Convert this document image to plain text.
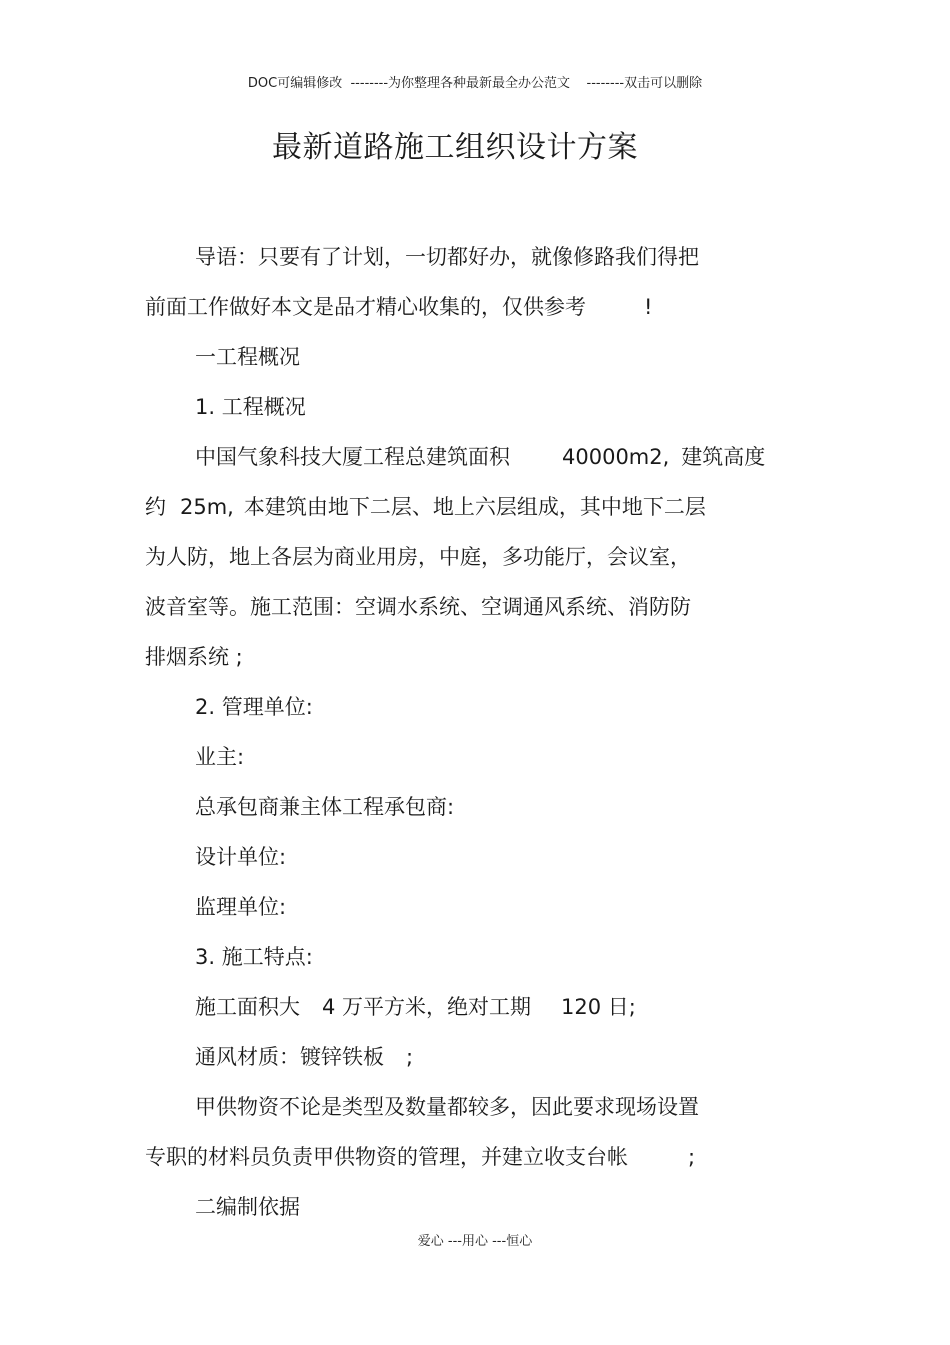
DOC可编辑修改  --------为你整理各种最新最全办公范文    --------双击可以删除
最新道路施工组织设计方案
导语：只要有了计划，一切都好办，就像修路我们得把
前面工作做好本文是品才精心收集的，仅供参考	!
一工程概况
1. 工程概况
中国气象科技大厦工程总建筑面积 40000m2, 建筑高度
约 25m, 本建筑由地下二层、地上六层组成，其中地下二层
为人防，地上各层为商业用房，中庭，多功能厅，会议室，
波音室等。施工范围：空调水系统、空调通风系统、消防防
排烟系统 ;
2. 管理单位:
业主:
总承包商兼主体工程承包商:
设计单位:
监理单位:
3. 施工特点:
施工面积大 4 万平方米，绝对工期 120 日;
通风材质：镀锌铁板 ;
甲供物资不论是类型及数量都较多，因此要求现场设置
专职的材料员负责甲供物资的管理，并建立收支台帐	;
二编制依据
爱心 ---用心 ---恒心
